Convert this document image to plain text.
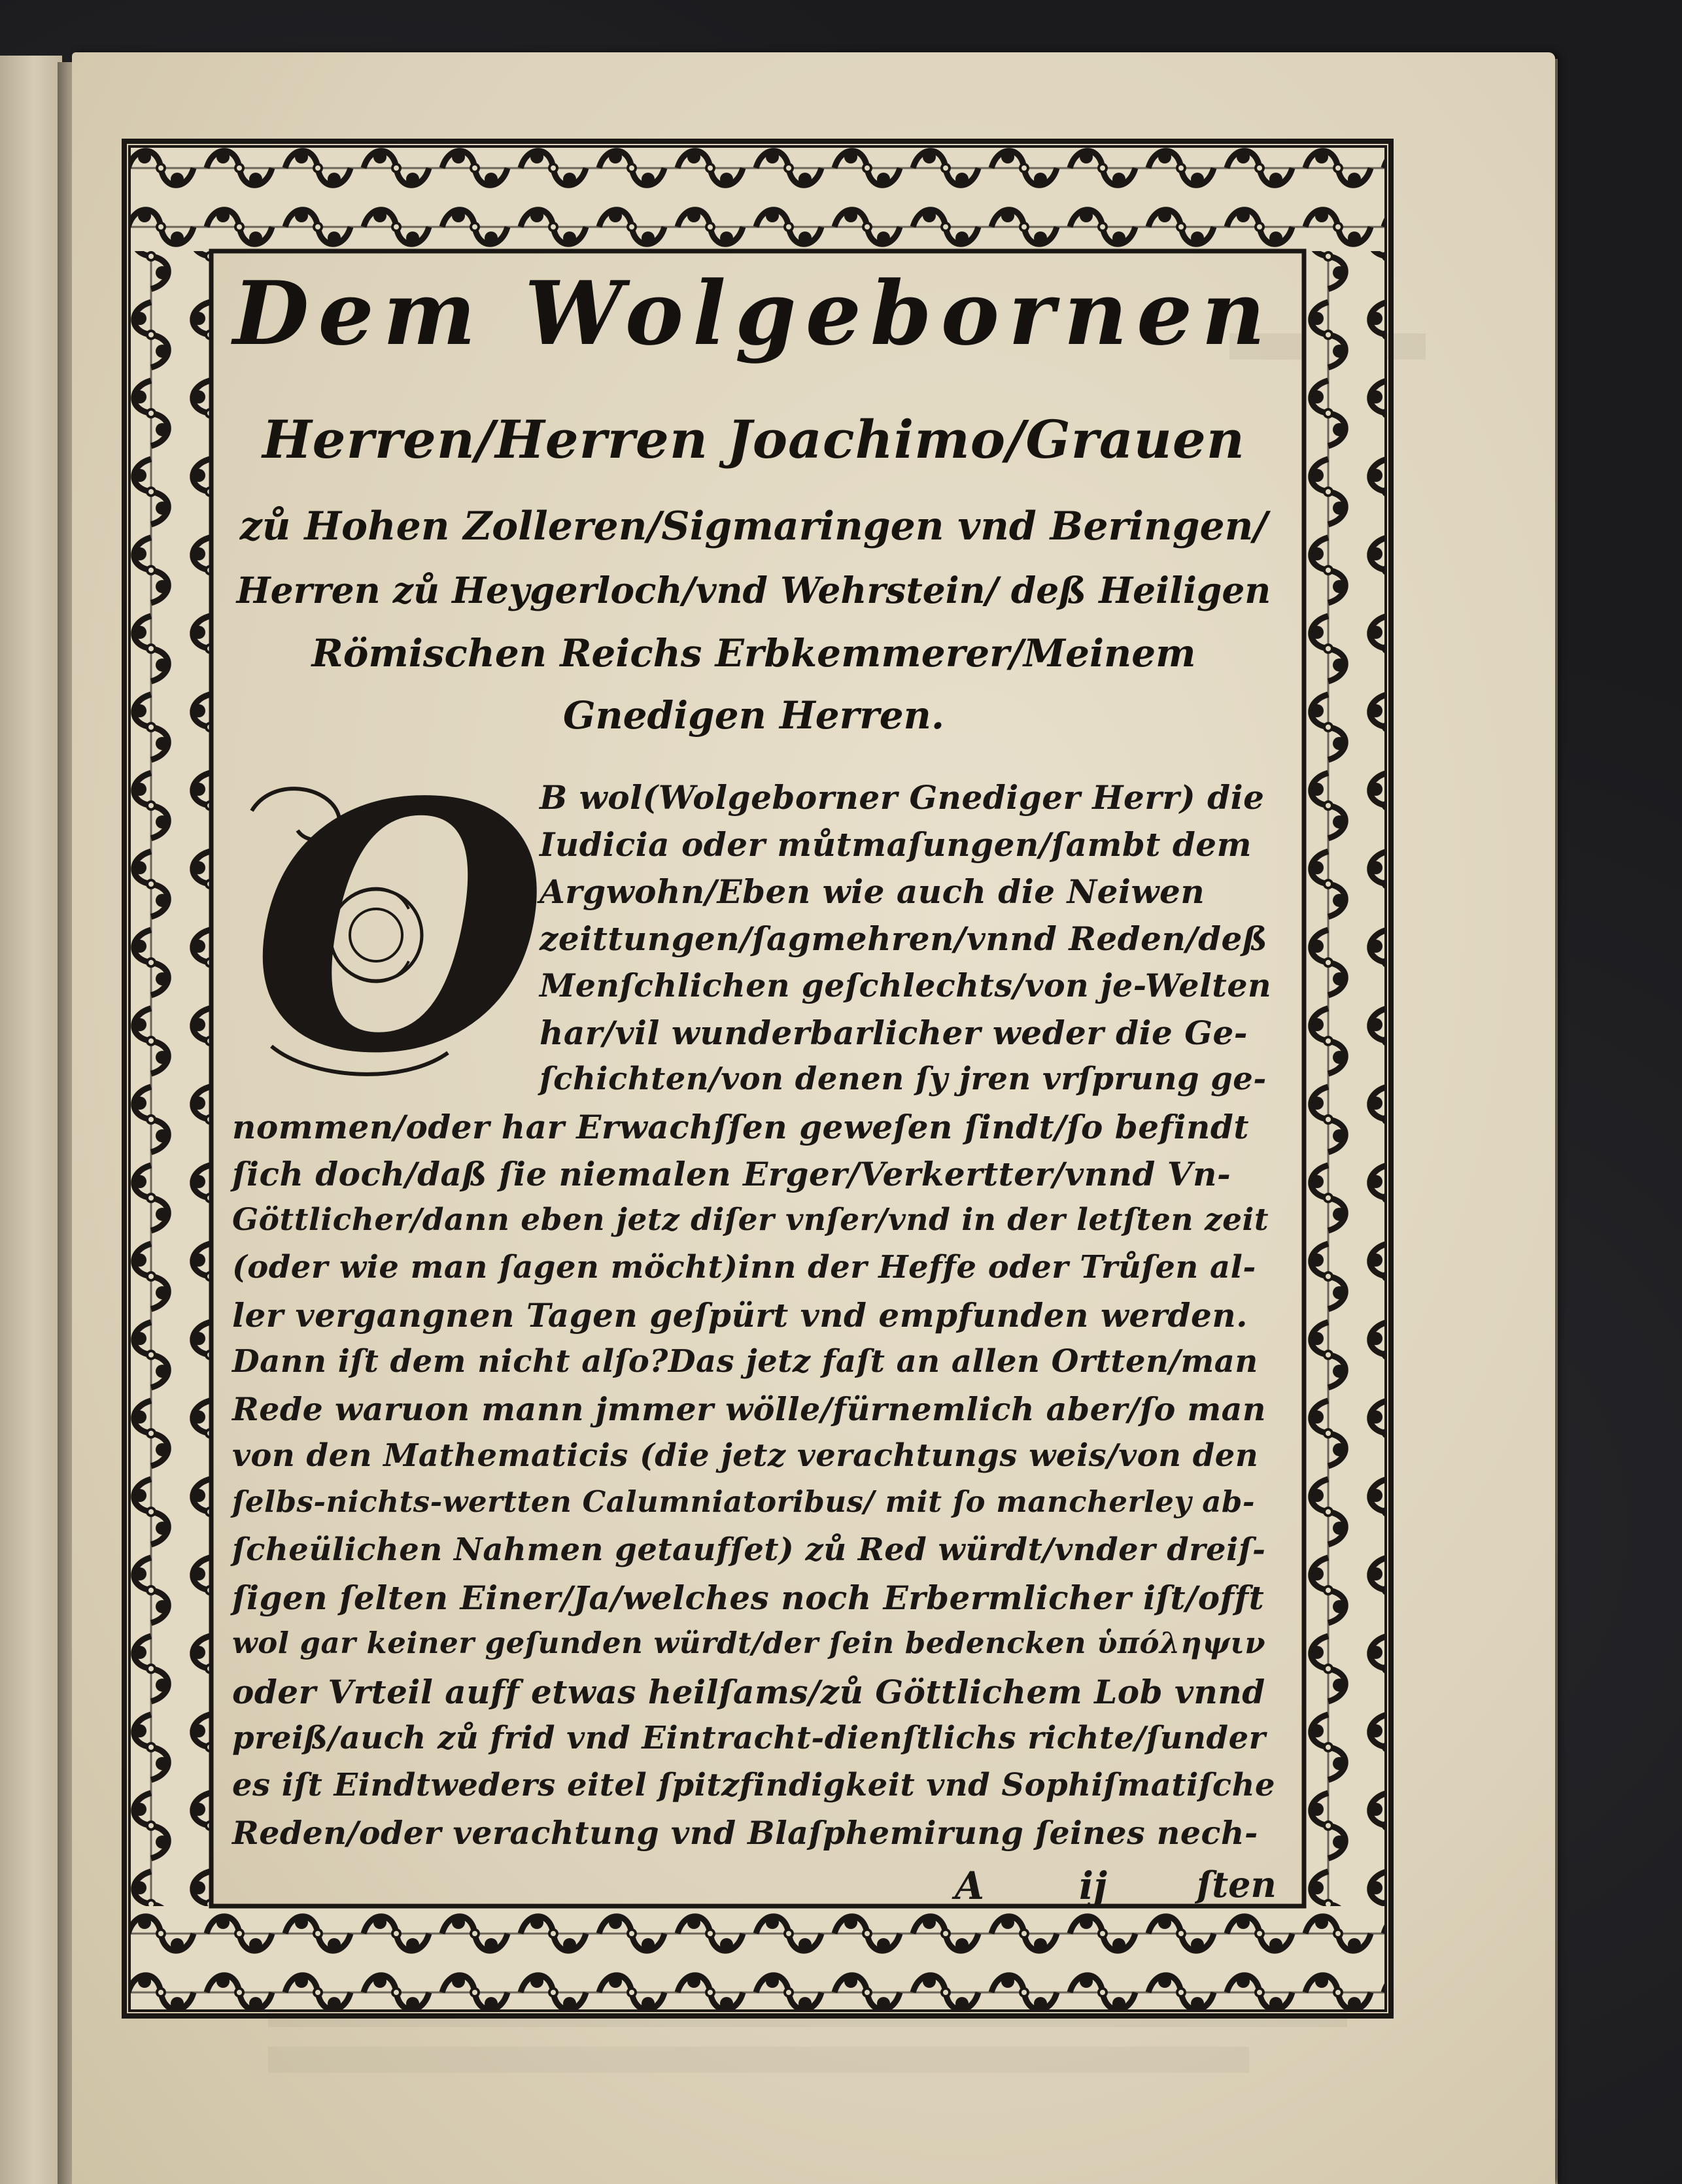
Dem Wolgebornen
Herren/Herren Joachimo/Grauen
zů Hohen Zolleren/Sigmaringen vnd Beringen/
Herren zů Heygerloch/vnd Wehrstein/ deß Heiligen
Römischen Reichs Erbkemmerer/Meinem
Gnedigen Herren.
O
B wol(Wolgeborner Gnediger Herr) die
Iudicia oder můtmaſungen/ſambt dem
Argwohn/Eben wie auch die Neiwen
zeittungen/ſagmehren/vnnd Reden/deß
Menſchlichen geſchlechts/von je-Welten
har/vil wunderbarlicher weder die Ge-
ſchichten/von denen ſy jren vrſprung ge-
nommen/oder har Erwachſſen geweſen ſindt/ſo befindt
ſich doch/daß ſie niemalen Erger/Verkertter/vnnd Vn-
Göttlicher/dann eben jetz diſer vnſer/vnd in der letſten zeit
(oder wie man ſagen möcht)inn der Heffe oder Trůſen al-
ler vergangnen Tagen geſpürt vnd empfunden werden.
Dann iſt dem nicht alſo?Das jetz faſt an allen Ortten/man
Rede waruon mann jmmer wölle/fürnemlich aber/ſo man
von den Mathematicis (die jetz verachtungs weis/von den
ſelbs-nichts-wertten Calumniatoribus/ mit ſo mancherley ab-
ſcheülichen Nahmen getaufſet) zů Red würdt/vnder dreiſ-
ſigen ſelten Einer/Ja/welches noch Erbermlicher iſt/offt
wol gar keiner geſunden würdt/der ſein bedencken ὑπόληψιν
oder Vrteil auff etwas heilſams/zů Göttlichem Lob vnnd
preiß/auch zů frid vnd Eintracht-dienſtlichs richte/ſunder
es iſt Eindtweders eitel ſpitzfindigkeit vnd Sophiſmatiſche
Reden/oder verachtung vnd Blaſphemirung ſeines nech-
A ij	ſten
